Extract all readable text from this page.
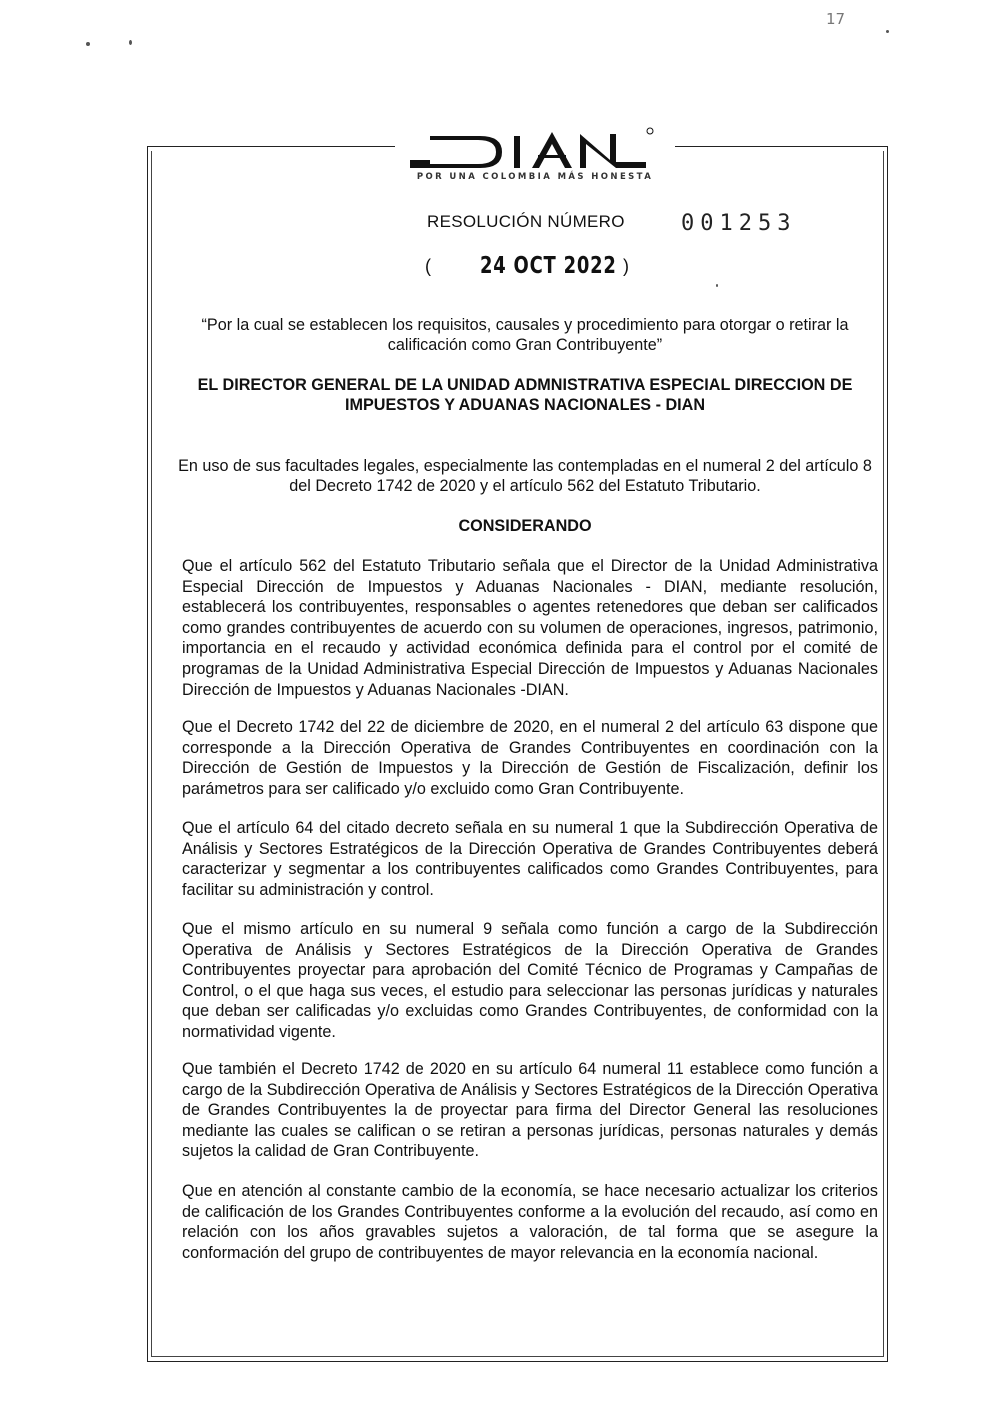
17
POR UNA COLOMBIA MÁS HONESTA
RESOLUCIÓN NÚMERO	001253
( 24 OCT 2022 )
“Por la cual se establecen los requisitos, causales y procedimiento para otorgar o retirar la calificación como Gran Contribuyente”
EL DIRECTOR GENERAL DE LA UNIDAD ADMNISTRATIVA ESPECIAL DIRECCION DE IMPUESTOS Y ADUANAS NACIONALES - DIAN
En uso de sus facultades legales, especialmente las contempladas en el numeral 2 del artículo 8 del Decreto 1742 de 2020 y el artículo 562 del Estatuto Tributario.
CONSIDERANDO

Que el artículo 562 del Estatuto Tributario señala que el Director de la Unidad Administrativa Especial Dirección de Impuestos y Aduanas Nacionales - DIAN, mediante resolución, establecerá los contribuyentes, responsables o agentes retenedores que deban ser calificados como grandes contribuyentes de acuerdo con su volumen de operaciones, ingresos, patrimonio, importancia en el recaudo y actividad económica definida para el control por el comité de programas de la Unidad Administrativa Especial Dirección de Impuestos y Aduanas Nacionales Dirección de Impuestos y Aduanas Nacionales -DIAN.

Que el Decreto 1742 del 22 de diciembre de 2020, en el numeral 2 del artículo 63 dispone que corresponde a la Dirección Operativa de Grandes Contribuyentes en coordinación con la Dirección de Gestión de Impuestos y la Dirección de Gestión de Fiscalización, definir los parámetros para ser calificado y/o excluido como Gran Contribuyente.

Que el artículo 64 del citado decreto señala en su numeral 1 que la Subdirección Operativa de Análisis y Sectores Estratégicos de la Dirección Operativa de Grandes Contribuyentes deberá caracterizar y segmentar a los contribuyentes calificados como Grandes Contribuyentes, para facilitar su administración y control.

Que el mismo artículo en su numeral 9 señala como función a cargo de la Subdirección Operativa de Análisis y Sectores Estratégicos de la Dirección Operativa de Grandes Contribuyentes proyectar para aprobación del Comité Técnico de Programas y Campañas de Control, o el que haga sus veces, el estudio para seleccionar las personas jurídicas y naturales que deban ser calificadas y/o excluidas como Grandes Contribuyentes, de conformidad con la normatividad vigente.

Que también el Decreto 1742 de 2020 en su artículo 64 numeral 11 establece como función a cargo de la Subdirección Operativa de Análisis y Sectores Estratégicos de la Dirección Operativa de Grandes Contribuyentes la de proyectar para firma del Director General las resoluciones mediante las cuales se califican o se retiran a personas jurídicas, personas naturales y demás sujetos la calidad de Gran Contribuyente.

Que en atención al constante cambio de la economía, se hace necesario actualizar los criterios de calificación de los Grandes Contribuyentes conforme a la evolución del recaudo, así como en relación con los años gravables sujetos a valoración, de tal forma que se asegure la conformación del grupo de contribuyentes de mayor relevancia en la economía nacional.
